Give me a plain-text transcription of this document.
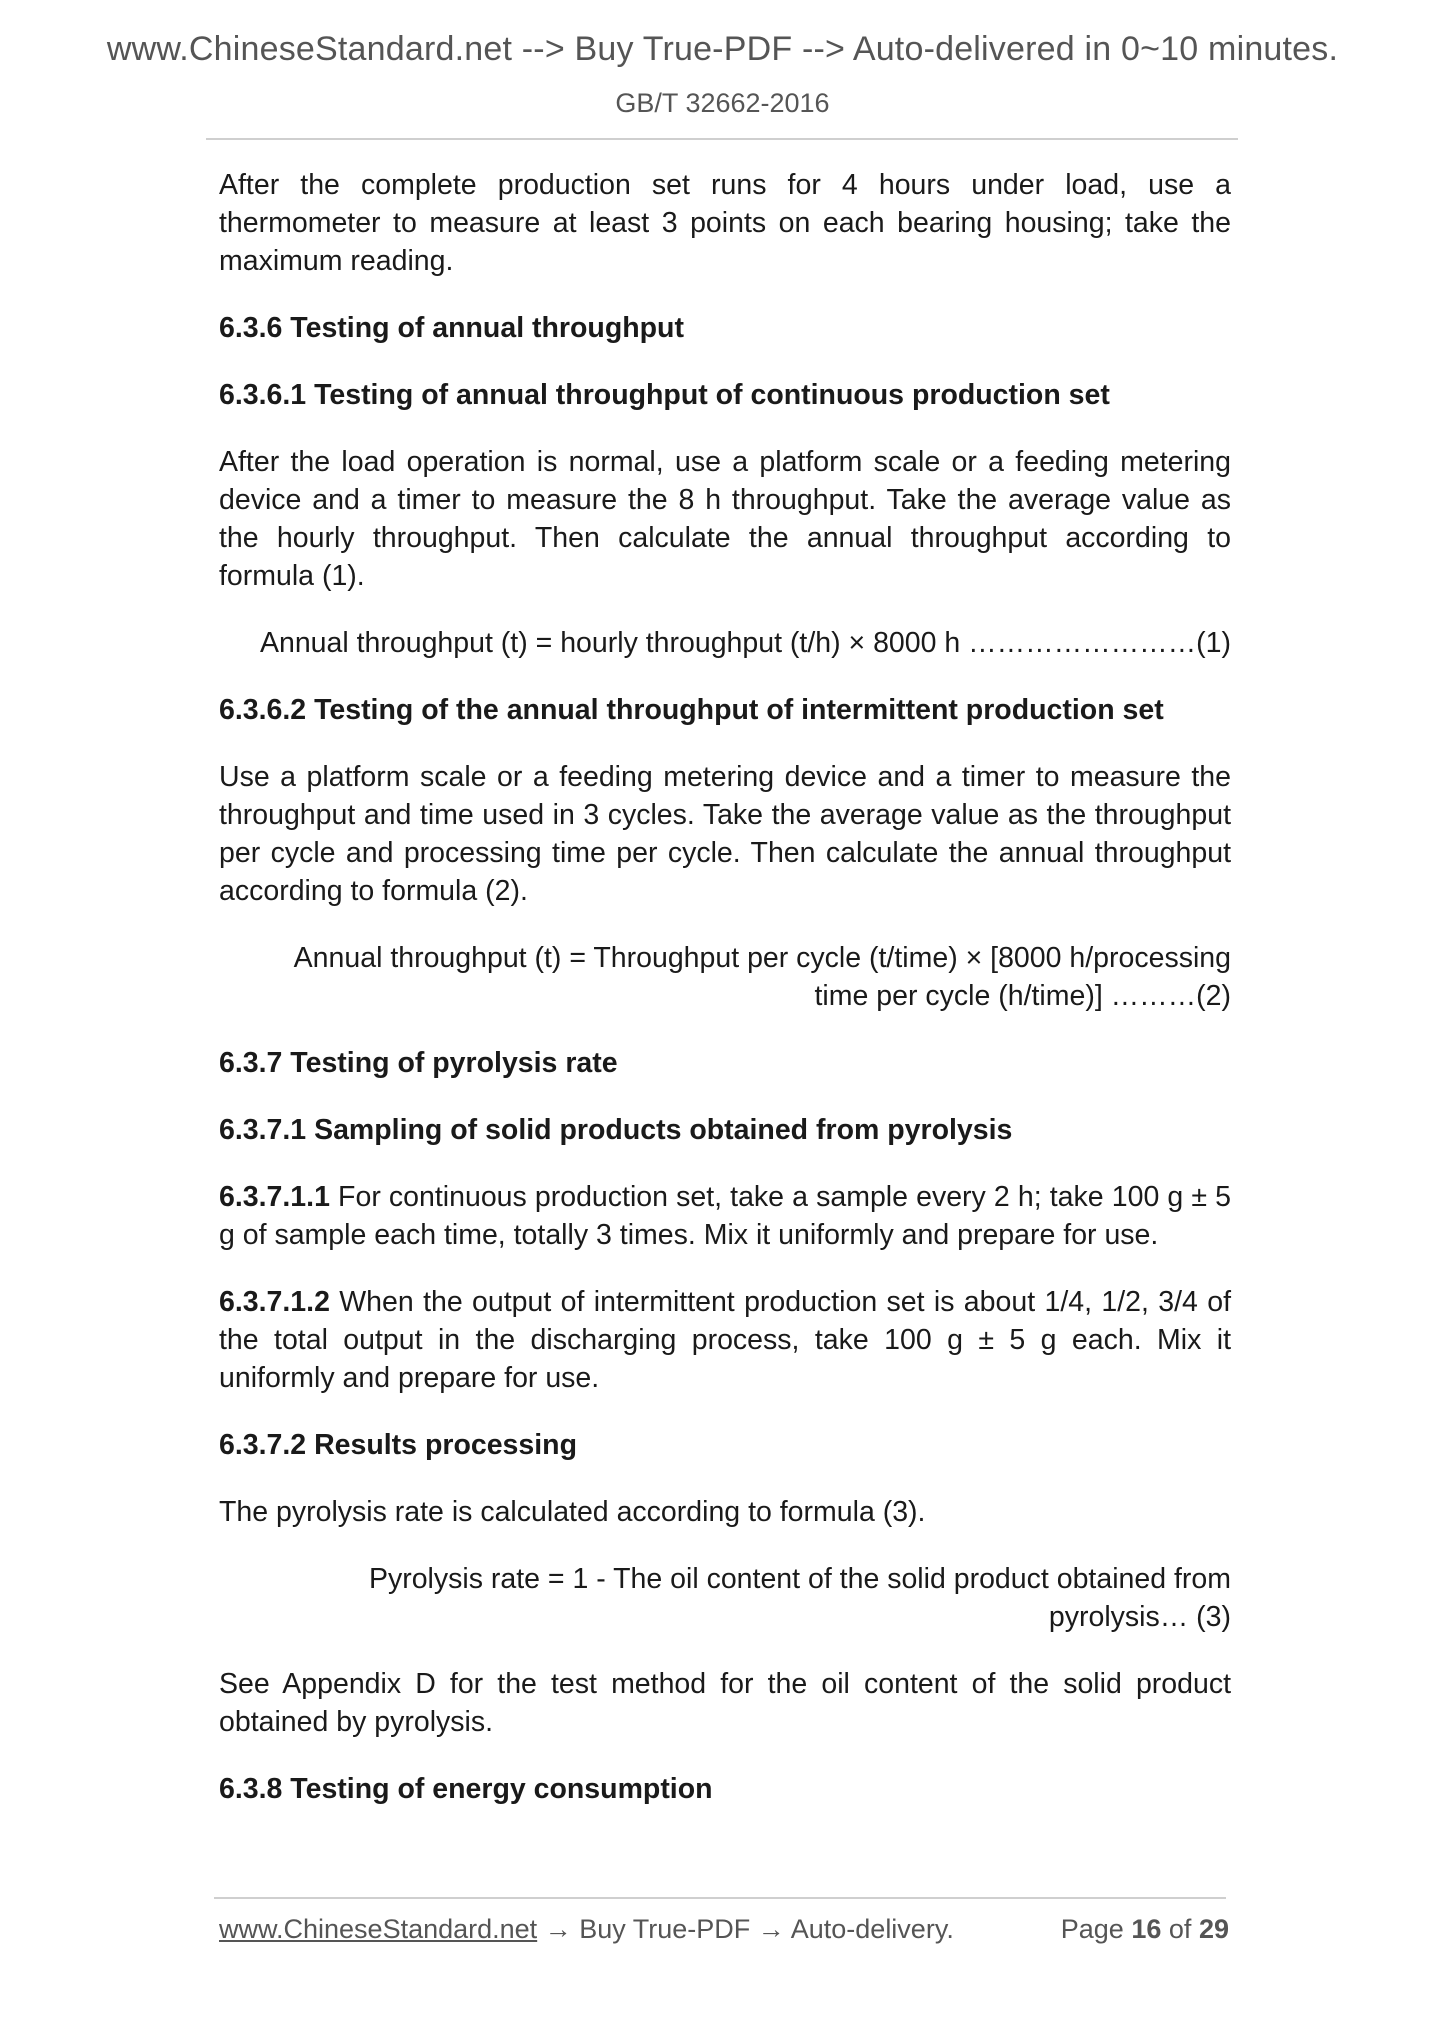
www.ChineseStandard.net --> Buy True-PDF --> Auto-delivered in 0~10 minutes.
GB/T 32662-2016

After the complete production set runs for 4 hours under load, use a thermometer to measure at least 3 points on each bearing housing; take the maximum reading.

6.3.6 Testing of annual throughput
6.3.6.1 Testing of annual throughput of continuous production set

After the load operation is normal, use a platform scale or a feeding metering device and a timer to measure the 8 h throughput. Take the average value as the hourly throughput. Then calculate the annual throughput according to formula (1).

Annual throughput (t) = hourly throughput (t/h) × 8000 h ……………………(1)

6.3.6.2 Testing of the annual throughput of intermittent production set

Use a platform scale or a feeding metering device and a timer to measure the throughput and time used in 3 cycles. Take the average value as the throughput per cycle and processing time per cycle. Then calculate the annual throughput according to formula (2).

Annual throughput (t) = Throughput per cycle (t/time) × [8000 h/processing
time per cycle (h/time)] ………(2)

6.3.7 Testing of pyrolysis rate
6.3.7.1 Sampling of solid products obtained from pyrolysis

6.3.7.1.1 For continuous production set, take a sample every 2 h; take 100 g ± 5 g of sample each time, totally 3 times. Mix it uniformly and prepare for use.

6.3.7.1.2 When the output of intermittent production set is about 1/4, 1/2, 3/4 of the total output in the discharging process, take 100 g ± 5 g each. Mix it uniformly and prepare for use.

6.3.7.2 Results processing

The pyrolysis rate is calculated according to formula (3).

Pyrolysis rate = 1 - The oil content of the solid product obtained from
pyrolysis… (3)

See Appendix D for the test method for the oil content of the solid product obtained by pyrolysis.

6.3.8 Testing of energy consumption
www.ChineseStandard.net → Buy True-PDF → Auto-delivery.	Page 16 of 29
